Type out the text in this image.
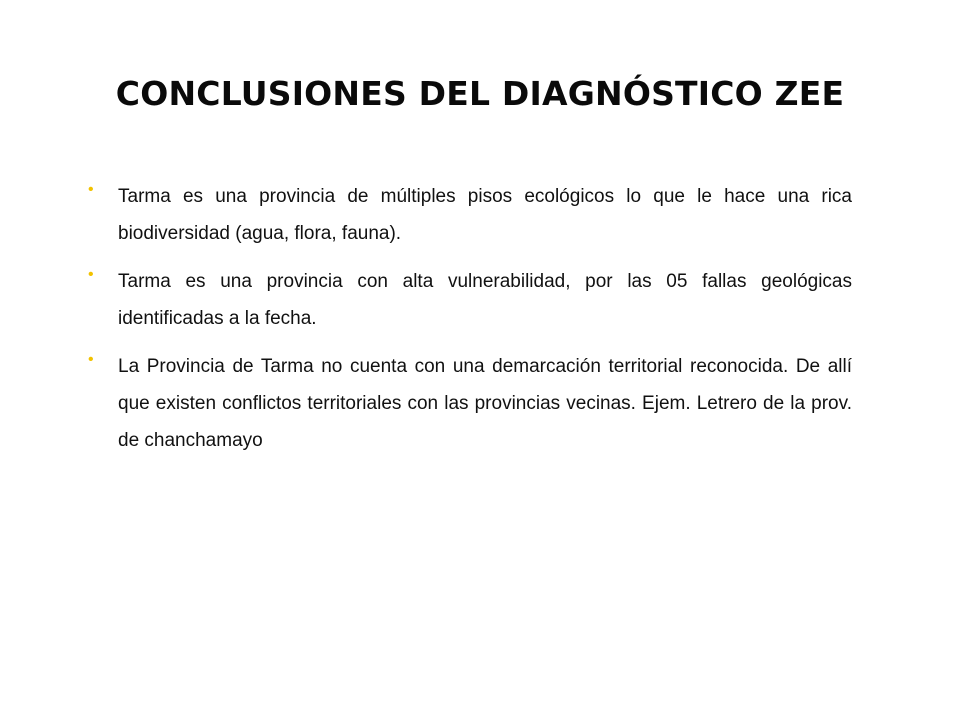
CONCLUSIONES DEL DIAGNÓSTICO ZEE
•	Tarma es una provincia de múltiples pisos ecológicos lo que le hace una rica biodiversidad (agua, flora, fauna).
•	Tarma es una provincia con alta vulnerabilidad, por las 05 fallas geológicas identificadas a la fecha.
•	La Provincia de Tarma no cuenta con una demarcación territorial reconocida. De allí que existen conflictos territoriales con las provincias vecinas. Ejem. Letrero de la prov. de chanchamayo
